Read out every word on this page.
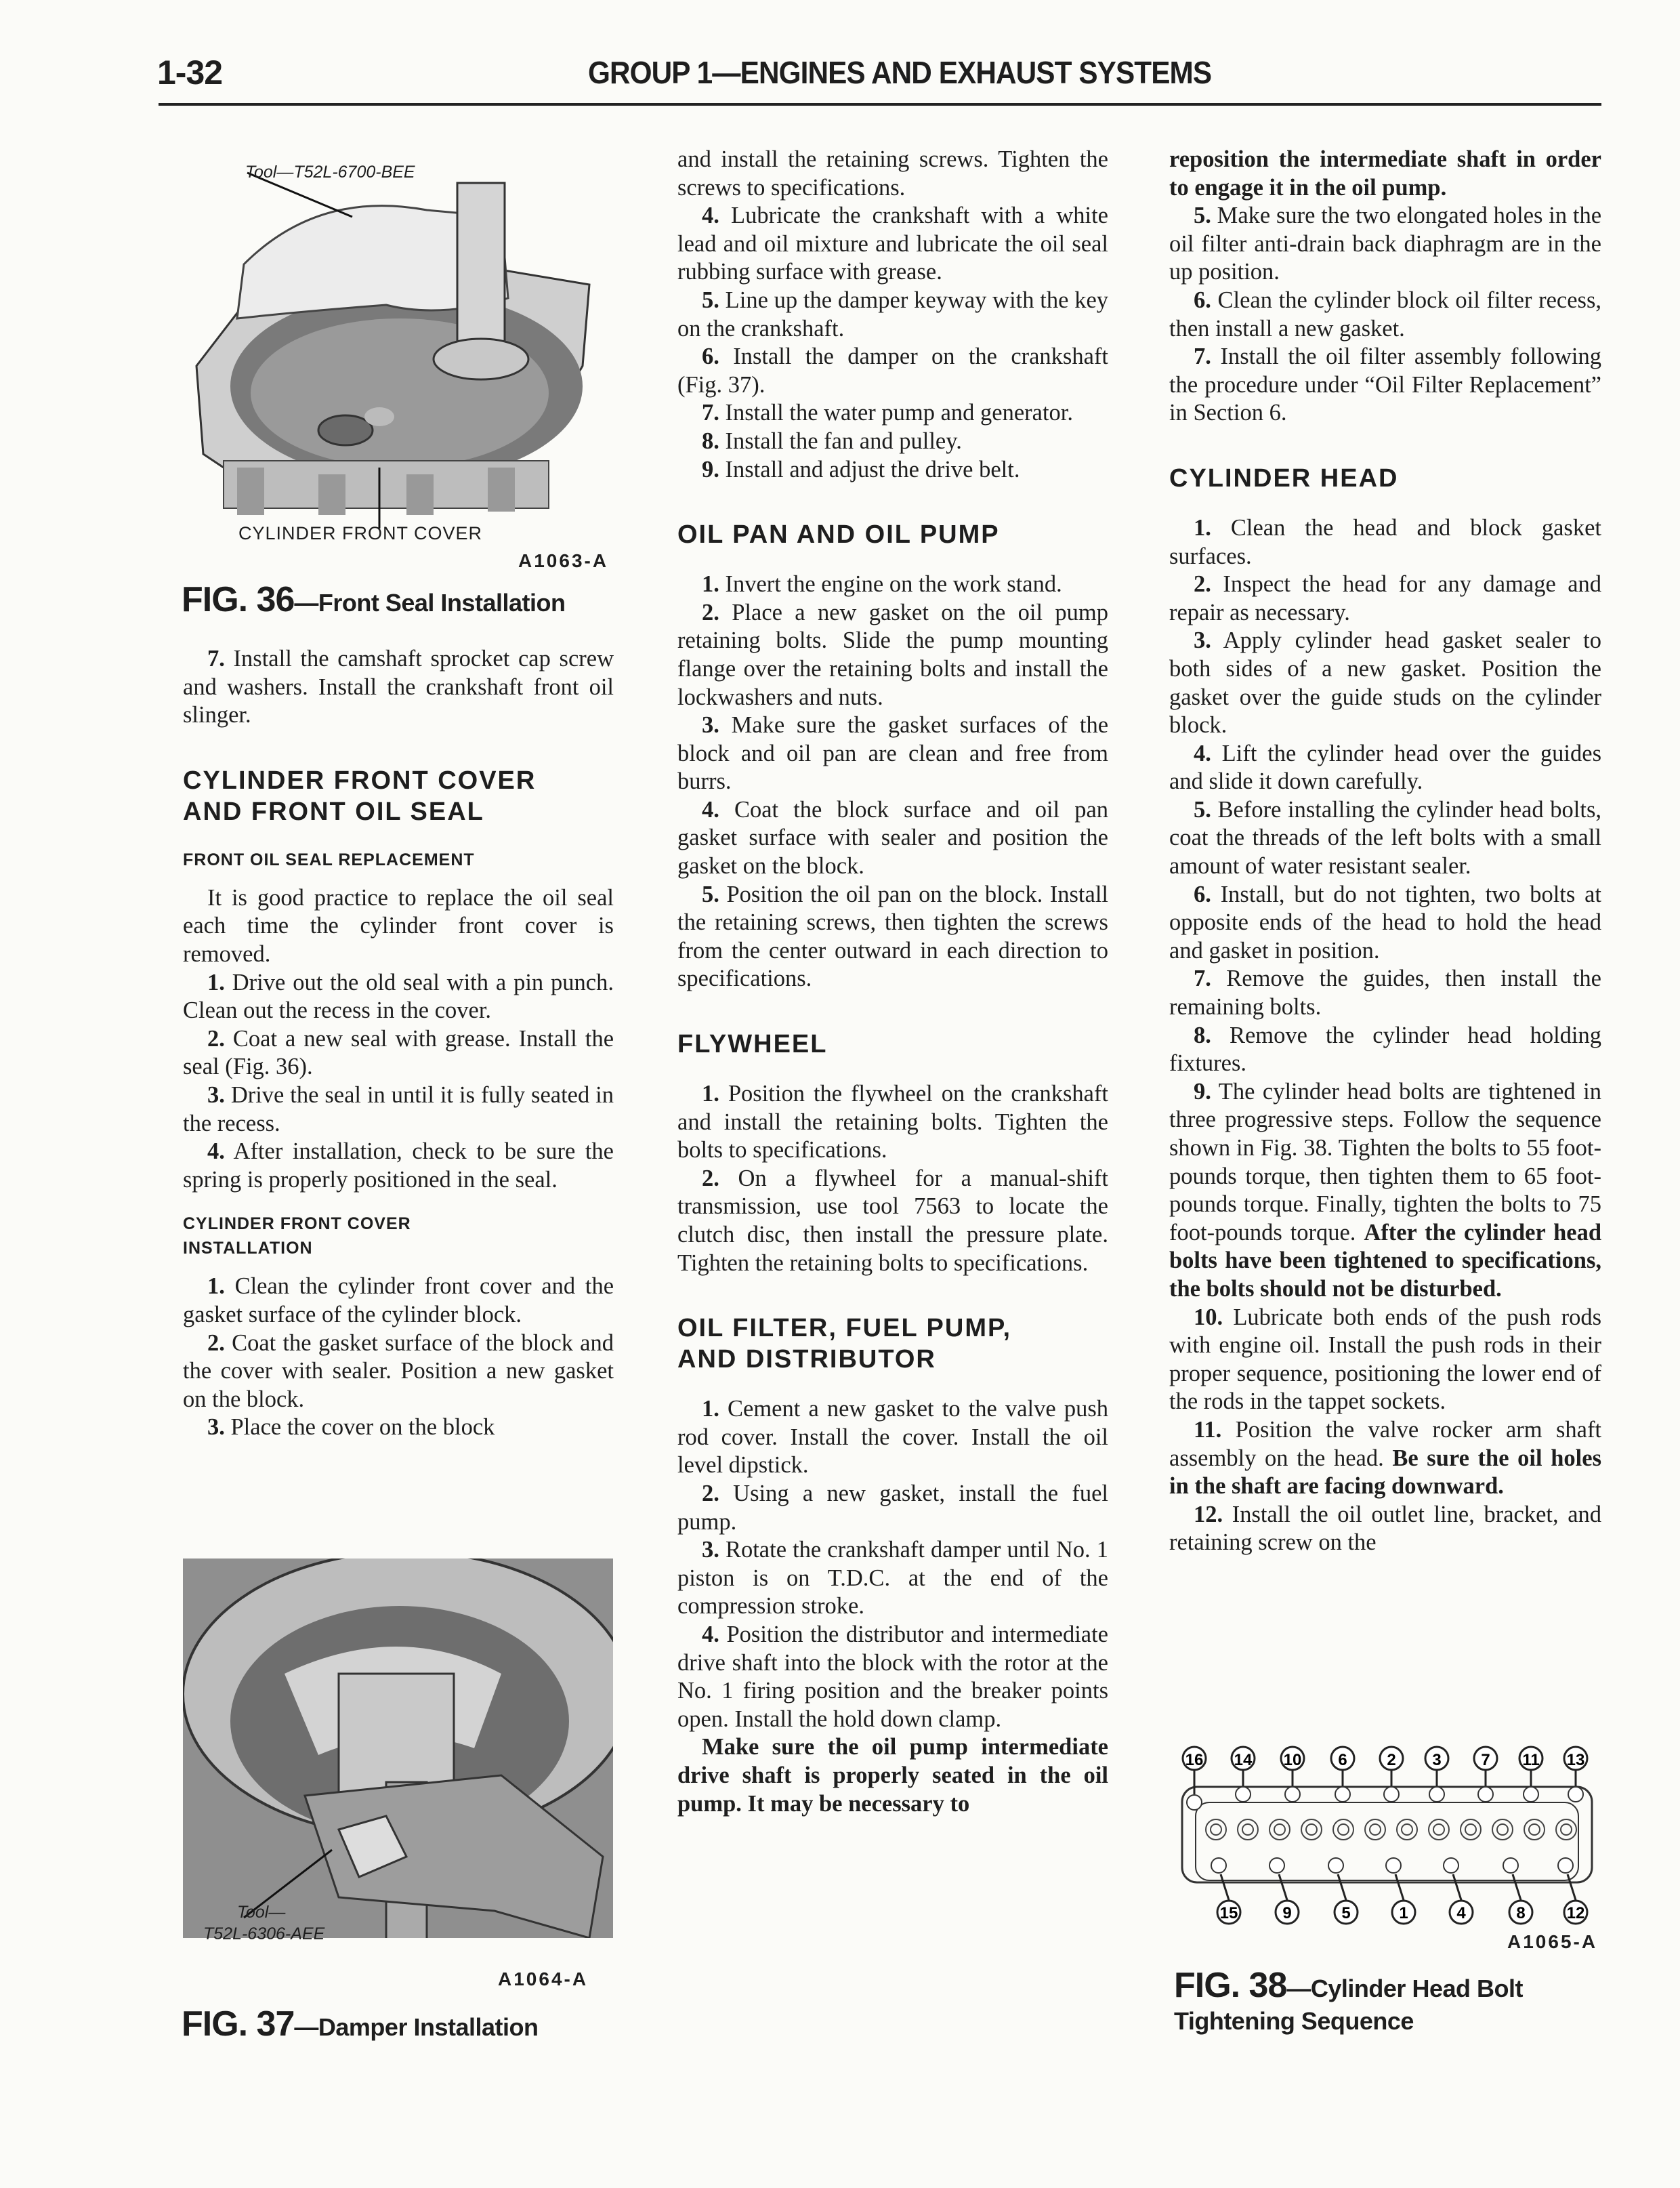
1-32	GROUP 1—ENGINES AND EXHAUST SYSTEMS
Tool—T52L-6700-BEE
CYLINDER FRONT COVER
A1063-A
FIG. 36—Front Seal Installation
Tool—
T52L-6306-AEE
A1064-A
FIG. 37—Damper Installation
16 14 10 6 2 3 7 11 13
15	9	5	1	4	8	12
A1065-A
FIG. 38—Cylinder Head Bolt
Tightening Sequence

7. Install the camshaft sprocket cap screw and washers. Install the crankshaft front oil slinger.

CYLINDER FRONT COVER
AND FRONT OIL SEAL
FRONT OIL SEAL REPLACEMENT

It is good practice to replace the oil seal each time the cylinder front cover is removed.

1. Drive out the old seal with a pin punch. Clean out the recess in the cover.

2. Coat a new seal with grease. Install the seal (Fig. 36).

3. Drive the seal in until it is fully seated in the recess.

4. After installation, check to be sure the spring is properly positioned in the seal.

CYLINDER FRONT COVER
INSTALLATION

1. Clean the cylinder front cover and the gasket surface of the cylinder block.

2. Coat the gasket surface of the block and the cover with sealer. Position a new gasket on the block.

3. Place the cover on the block

and install the retaining screws. Tighten the screws to specifications.

4. Lubricate the crankshaft with a white lead and oil mixture and lubricate the oil seal rubbing surface with grease.

5. Line up the damper keyway with the key on the crankshaft.

6. Install the damper on the crankshaft (Fig. 37).

7. Install the water pump and generator.

8. Install the fan and pulley.

9. Install and adjust the drive belt.

OIL PAN AND OIL PUMP

1. Invert the engine on the work stand.

2. Place a new gasket on the oil pump retaining bolts. Slide the pump mounting flange over the retaining bolts and install the lockwashers and nuts.

3. Make sure the gasket surfaces of the block and oil pan are clean and free from burrs.

4. Coat the block surface and oil pan gasket surface with sealer and position the gasket on the block.

5. Position the oil pan on the block. Install the retaining screws, then tighten the screws from the center outward in each direction to specifications.

FLYWHEEL

1. Position the flywheel on the crankshaft and install the retaining bolts. Tighten the bolts to specifications.

2. On a flywheel for a manual-shift transmission, use tool 7563 to locate the clutch disc, then install the pressure plate. Tighten the retaining bolts to specifications.

OIL FILTER, FUEL PUMP,
AND DISTRIBUTOR

1. Cement a new gasket to the valve push rod cover. Install the cover. Install the oil level dipstick.

2. Using a new gasket, install the fuel pump.

3. Rotate the crankshaft damper until No. 1 piston is on T.D.C. at the end of the compression stroke.

4. Position the distributor and intermediate drive shaft into the block with the rotor at the No. 1 firing position and the breaker points open. Install the hold down clamp.

Make sure the oil pump intermediate drive shaft is properly seated in the oil pump. It may be necessary to

reposition the intermediate shaft in order to engage it in the oil pump.

5. Make sure the two elongated holes in the oil filter anti-drain back diaphragm are in the up position.

6. Clean the cylinder block oil filter recess, then install a new gasket.

7. Install the oil filter assembly following the procedure under “Oil Filter Replacement” in Section 6.

CYLINDER HEAD

1. Clean the head and block gasket surfaces.

2. Inspect the head for any damage and repair as necessary.

3. Apply cylinder head gasket sealer to both sides of a new gasket. Position the gasket over the guide studs on the cylinder block.

4. Lift the cylinder head over the guides and slide it down carefully.

5. Before installing the cylinder head bolts, coat the threads of the left bolts with a small amount of water resistant sealer.

6. Install, but do not tighten, two bolts at opposite ends of the head to hold the head and gasket in position.

7. Remove the guides, then install the remaining bolts.

8. Remove the cylinder head holding fixtures.

9. The cylinder head bolts are tightened in three progressive steps. Follow the sequence shown in Fig. 38. Tighten the bolts to 55 foot-pounds torque, then tighten them to 65 foot-pounds torque. Finally, tighten the bolts to 75 foot-pounds torque. After the cylinder head bolts have been tightened to specifications, the bolts should not be disturbed.

10. Lubricate both ends of the push rods with engine oil. Install the push rods in their proper sequence, positioning the lower end of the rods in the tappet sockets.

11. Position the valve rocker arm shaft assembly on the head. Be sure the oil holes in the shaft are facing downward.

12. Install the oil outlet line, bracket, and retaining screw on the
